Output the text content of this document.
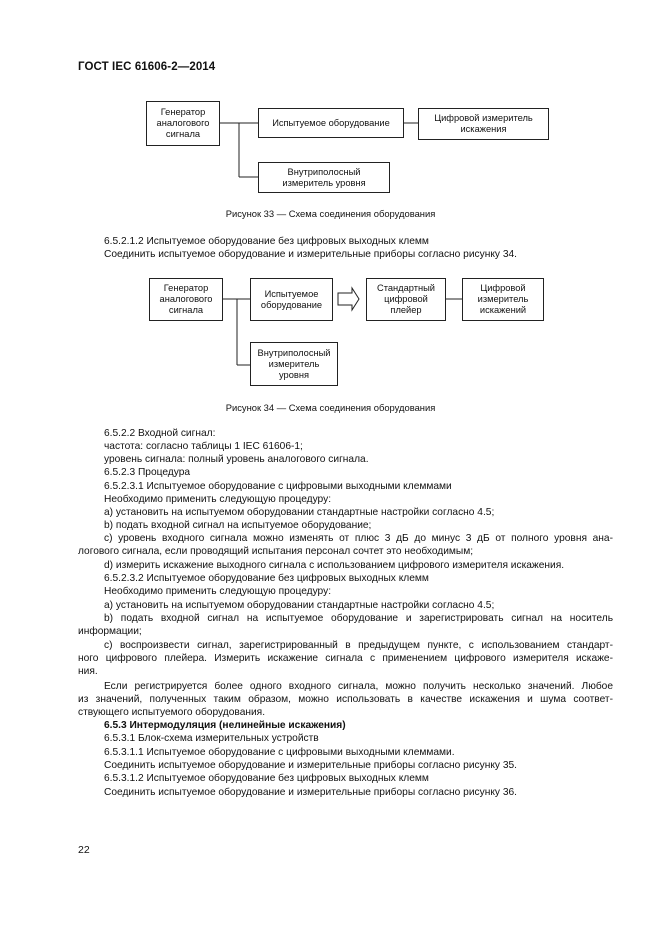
ГОСТ IEC 61606-2—2014
Генератор
аналогового
сигнала
Испытуемое оборудование	Цифровой измеритель
искажения
Внутриполосный
измеритель уровня
Рисунок 33 — Схема соединения оборудования
6.5.2.1.2 Испытуемое оборудование без цифровых выходных клемм
Соединить испытуемое оборудование и измерительные приборы согласно рисунку 34.
Генератор
аналогового
сигнала
Испытуемое
оборудование
Стандартный
цифровой
плейер
Цифровой
измеритель
искажений
Внутриполосный
измеритель
уровня
Рисунок 34 — Схема соединения оборудования
6.5.2.2 Входной сигнал:
частота: согласно таблицы 1 IEC 61606-1;
уровень сигнала: полный уровень аналогового сигнала.
6.5.2.3 Процедура
6.5.2.3.1 Испытуемое оборудование с цифровыми выходными клеммами
Необходимо применить следующую процедуру:
а) установить на испытуемом оборудовании стандартные настройки согласно 4.5;
b) подать входной сигнал на испытуемое оборудование;
с) уровень входного сигнала можно изменять от плюс 3 дБ до минус 3 дБ от полного уровня ана-
логового сигнала, если проводящий испытания персонал сочтет это необходимым;
d) измерить искажение выходного сигнала с использованием цифрового измерителя искажения.
6.5.2.3.2 Испытуемое оборудование без цифровых выходных клемм
Необходимо применить следующую процедуру:
а) установить на испытуемом оборудовании стандартные настройки согласно 4.5;
b) подать входной сигнал на испытуемое оборудование и зарегистрировать сигнал на носитель
информации;
с) воспроизвести сигнал, зарегистрированный в предыдущем пункте, с использованием стандарт-
ного цифрового плейера. Измерить искажение сигнала с применением цифрового измерителя искаже-
ния.
Если регистрируется более одного входного сигнала, можно получить несколько значений. Любое
из значений, полученных таким образом, можно использовать в качестве искажения и шума соответ-
ствующего испытуемого оборудования.
6.5.3 Интермодуляция (нелинейные искажения)
6.5.3.1 Блок-схема измерительных устройств
6.5.3.1.1 Испытуемое оборудование с цифровыми выходными клеммами.
Соединить испытуемое оборудование и измерительные приборы согласно рисунку 35.
6.5.3.1.2 Испытуемое оборудование без цифровых выходных клемм
Соединить испытуемое оборудование и измерительные приборы согласно рисунку 36.
22
